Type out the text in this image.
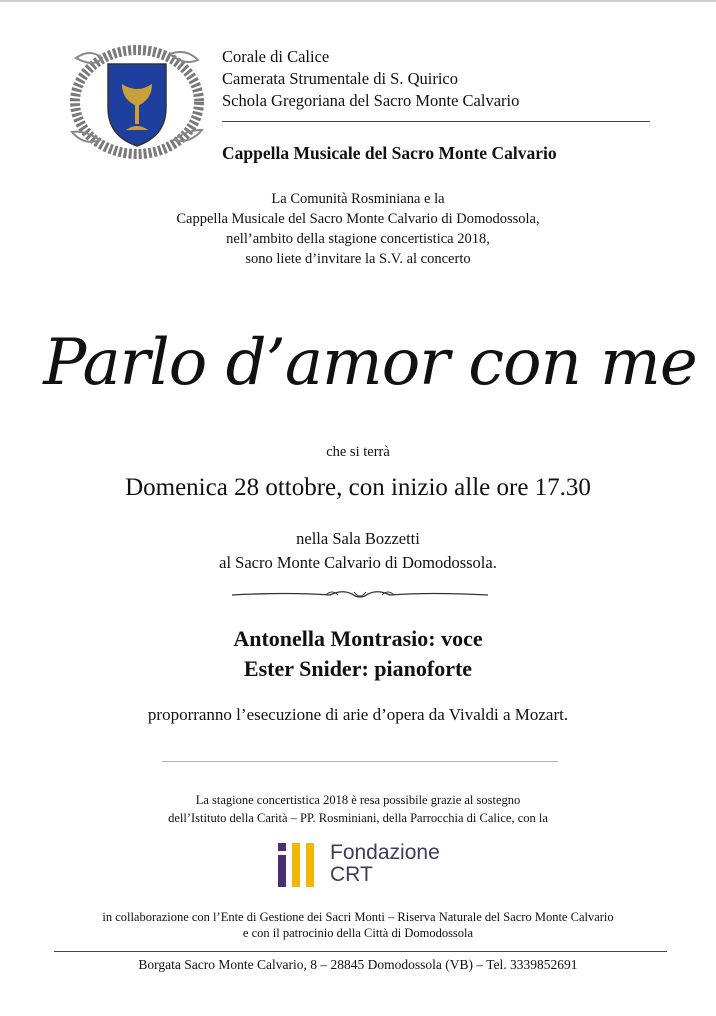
Corale di Calice
Camerata Strumentale di S. Quirico
Schola Gregoriana del Sacro Monte Calvario
Cappella Musicale del Sacro Monte Calvario
La Comunità Rosminiana e la
Cappella Musicale del Sacro Monte Calvario di Domodossola,
nell’ambito della stagione concertistica 2018,
sono liete d’invitare la S.V. al concerto
Parlo d’amor con me
che si terrà
Domenica 28 ottobre, con inizio alle ore 17.30
nella Sala Bozzetti
al Sacro Monte Calvario di Domodossola.
Antonella Montrasio: voce
Ester Snider: pianoforte
proporranno l’esecuzione di arie d’opera da Vivaldi a Mozart.
La stagione concertistica 2018 è resa possibile grazie al sostegno
dell’Istituto della Carità – PP. Rosminiani, della Parrocchia di Calice, con la
Fondazione
CRT
in collaborazione con l’Ente di Gestione dei Sacri Monti – Riserva Naturale del Sacro Monte Calvario
e con il patrocinio della Città di Domodossola
Borgata Sacro Monte Calvario, 8 – 28845 Domodossola (VB) – Tel. 3339852691
